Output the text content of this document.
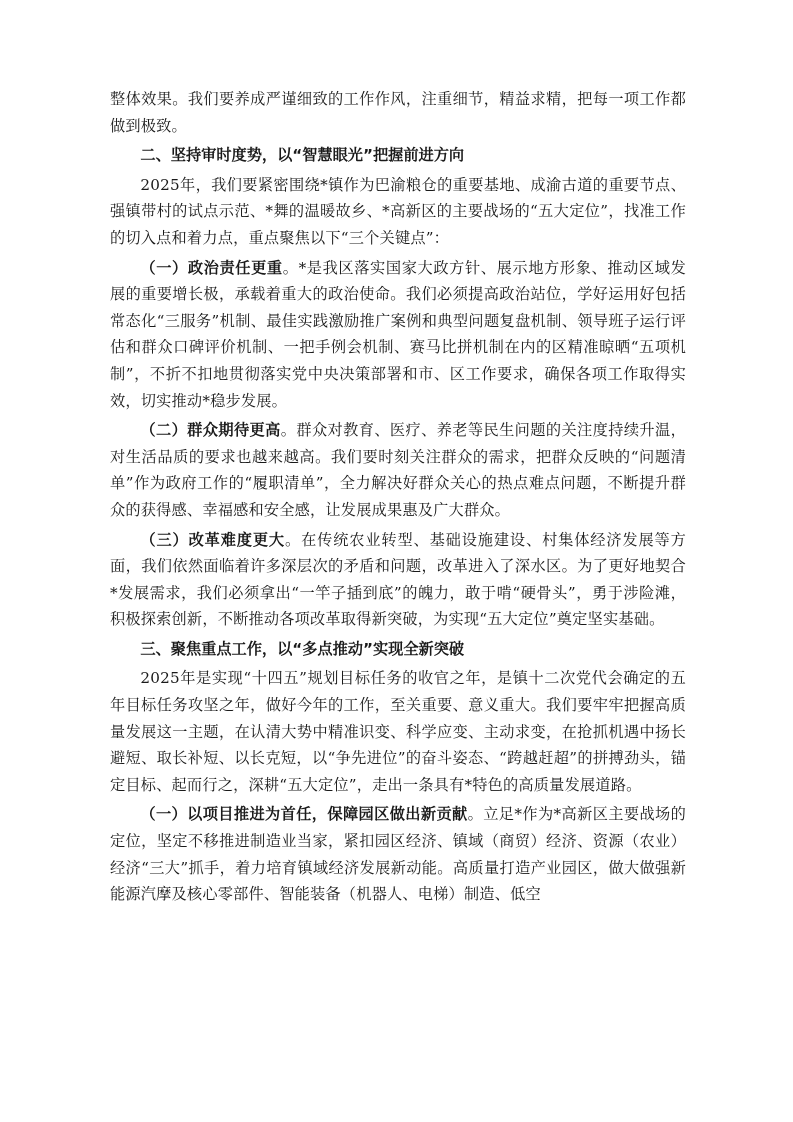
整体效果。我们要养成严谨细致的工作作风，注重细节，精益求精，把每一项工作都做到极致。

二、坚持审时度势，以“智慧眼光”把握前进方向

2025年，我们要紧密围绕*镇作为巴渝粮仓的重要基地、成渝古道的重要节点、强镇带村的试点示范、*舞的温暖故乡、*高新区的主要战场的“五大定位”，找准工作的切入点和着力点，重点聚焦以下“三个关键点”：

（一）政治责任更重。*是我区落实国家大政方针、展示地方形象、推动区域发展的重要增长极，承载着重大的政治使命。我们必须提高政治站位，学好运用好包括常态化“三服务”机制、最佳实践激励推广案例和典型问题复盘机制、领导班子运行评估和群众口碑评价机制、一把手例会机制、赛马比拼机制在内的区精准晾晒“五项机制”，不折不扣地贯彻落实党中央决策部署和市、区工作要求，确保各项工作取得实效，切实推动*稳步发展。

（二）群众期待更高。群众对教育、医疗、养老等民生问题的关注度持续升温，对生活品质的要求也越来越高。我们要时刻关注群众的需求，把群众反映的“问题清单”作为政府工作的“履职清单”，全力解决好群众关心的热点难点问题，不断提升群众的获得感、幸福感和安全感，让发展成果惠及广大群众。

（三）改革难度更大。在传统农业转型、基础设施建设、村集体经济发展等方面，我们依然面临着许多深层次的矛盾和问题，改革进入了深水区。为了更好地契合*发展需求，我们必须拿出“一竿子插到底”的魄力，敢于啃“硬骨头”，勇于涉险滩，积极探索创新，不断推动各项改革取得新突破，为实现“五大定位”奠定坚实基础。

三、聚焦重点工作，以“多点推动”实现全新突破

2025年是实现“十四五”规划目标任务的收官之年，是镇十二次党代会确定的五年目标任务攻坚之年，做好今年的工作，至关重要、意义重大。我们要牢牢把握高质量发展这一主题，在认清大势中精准识变、科学应变、主动求变，在抢抓机遇中扬长避短、取长补短、以长克短，以“争先进位”的奋斗姿态、“跨越赶超”的拼搏劲头，锚定目标、起而行之，深耕“五大定位”，走出一条具有*特色的高质量发展道路。

（一）以项目推进为首任，保障园区做出新贡献。立足*作为*高新区主要战场的定位，坚定不移推进制造业当家，紧扣园区经济、镇域（商贸）经济、资源（农业）经济“三大”抓手，着力培育镇域经济发展新动能。高质量打造产业园区，做大做强新能源汽摩及核心零部件、智能装备（机器人、电梯）制造、低空
